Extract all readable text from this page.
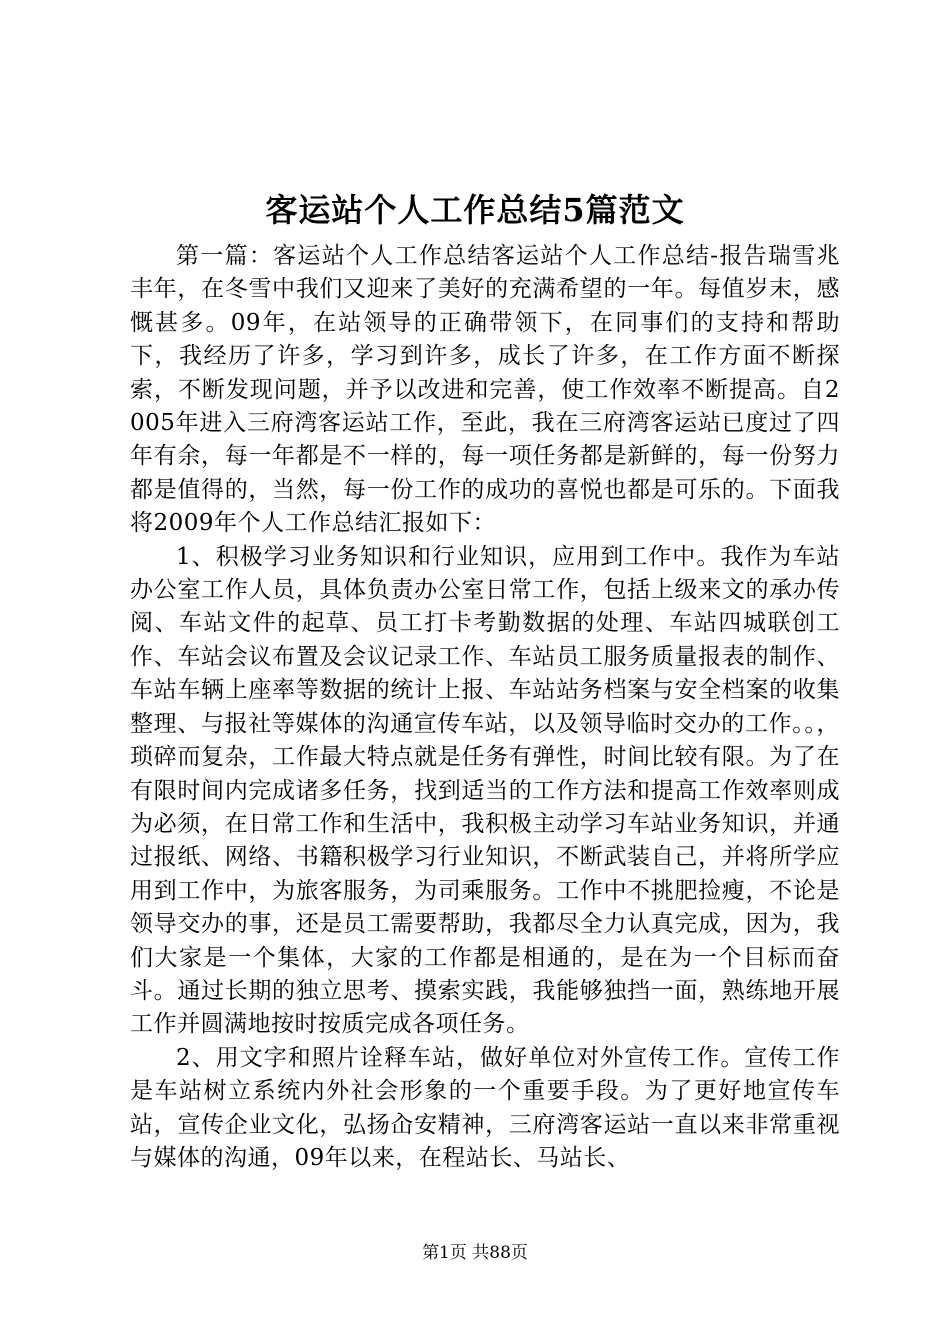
客运站个人工作总结5篇范文

第一篇：客运站个人工作总结客运站个人工作总结-报告瑞雪兆丰年，在冬雪中我们又迎来了美好的充满希望的一年。每值岁末，感慨甚多。09年，在站领导的正确带领下，在同事们的支持和帮助下，我经历了许多，学习到许多，成长了许多，在工作方面不断探索，不断发现问题，并予以改进和完善，使工作效率不断提高。自2005年进入三府湾客运站工作，至此，我在三府湾客运站已度过了四年有余，每一年都是不一样的，每一项任务都是新鲜的，每一份努力都是值得的，当然，每一份工作的成功的喜悦也都是可乐的。下面我将2009年个人工作总结汇报如下：

1、积极学习业务知识和行业知识，应用到工作中。我作为车站办公室工作人员，具体负责办公室日常工作，包括上级来文的承办传阅、车站文件的起草、员工打卡考勤数据的处理、车站四城联创工作、车站会议布置及会议记录工作、车站员工服务质量报表的制作、车站车辆上座率等数据的统计上报、车站站务档案与安全档案的收集整理、与报社等媒体的沟通宣传车站，以及领导临时交办的工作。。，琐碎而复杂，工作最大特点就是任务有弹性，时间比较有限。为了在有限时间内完成诸多任务，找到适当的工作方法和提高工作效率则成为必须，在日常工作和生活中，我积极主动学习车站业务知识，并通过报纸、网络、书籍积极学习行业知识，不断武装自己，并将所学应用到工作中，为旅客服务，为司乘服务。工作中不挑肥捡瘦，不论是领导交办的事，还是员工需要帮助，我都尽全力认真完成，因为，我们大家是一个集体，大家的工作都是相通的，是在为一个目标而奋斗。通过长期的独立思考、摸索实践，我能够独挡一面，熟练地开展工作并圆满地按时按质完成各项任务。

2、用文字和照片诠释车站，做好单位对外宣传工作。宣传工作是车站树立系统内外社会形象的一个重要手段。为了更好地宣传车站，宣传企业文化，弘扬屳安精神，三府湾客运站一直以来非常重视与媒体的沟通，09年以来，在程站长、马站长、

第1页 共88页
